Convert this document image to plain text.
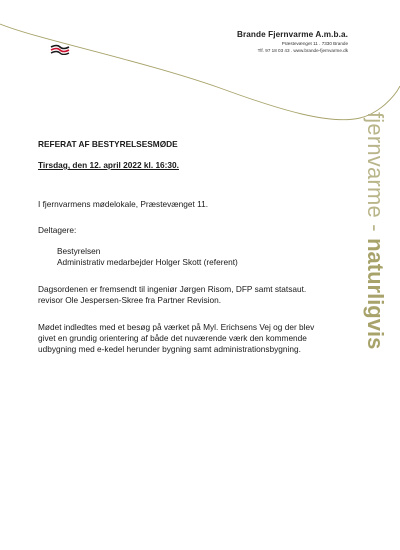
Brande Fjernvarme A.m.b.a.
Præstevænget 11 . 7330 Brande
Tlf. 97 18 03 43 . www.brande-fjernvarme.dk
fjernvarme - naturligvis
REFERAT AF BESTYRELSESMØDE
Tirsdag, den 12. april 2022 kl. 16:30.
I fjernvarmens mødelokale, Præstevænget 11.
Deltagere:
Bestyrelsen
Administrativ medarbejder Holger Skott (referent)
Dagsordenen er fremsendt til ingeniør Jørgen Risom, DFP samt statsaut.
revisor Ole Jespersen-Skree fra Partner Revision.
Mødet indledtes med et besøg på værket på Myl. Erichsens Vej og der blev
givet en grundig orientering af både det nuværende værk den kommende
udbygning med e-kedel herunder bygning samt administrationsbygning.
